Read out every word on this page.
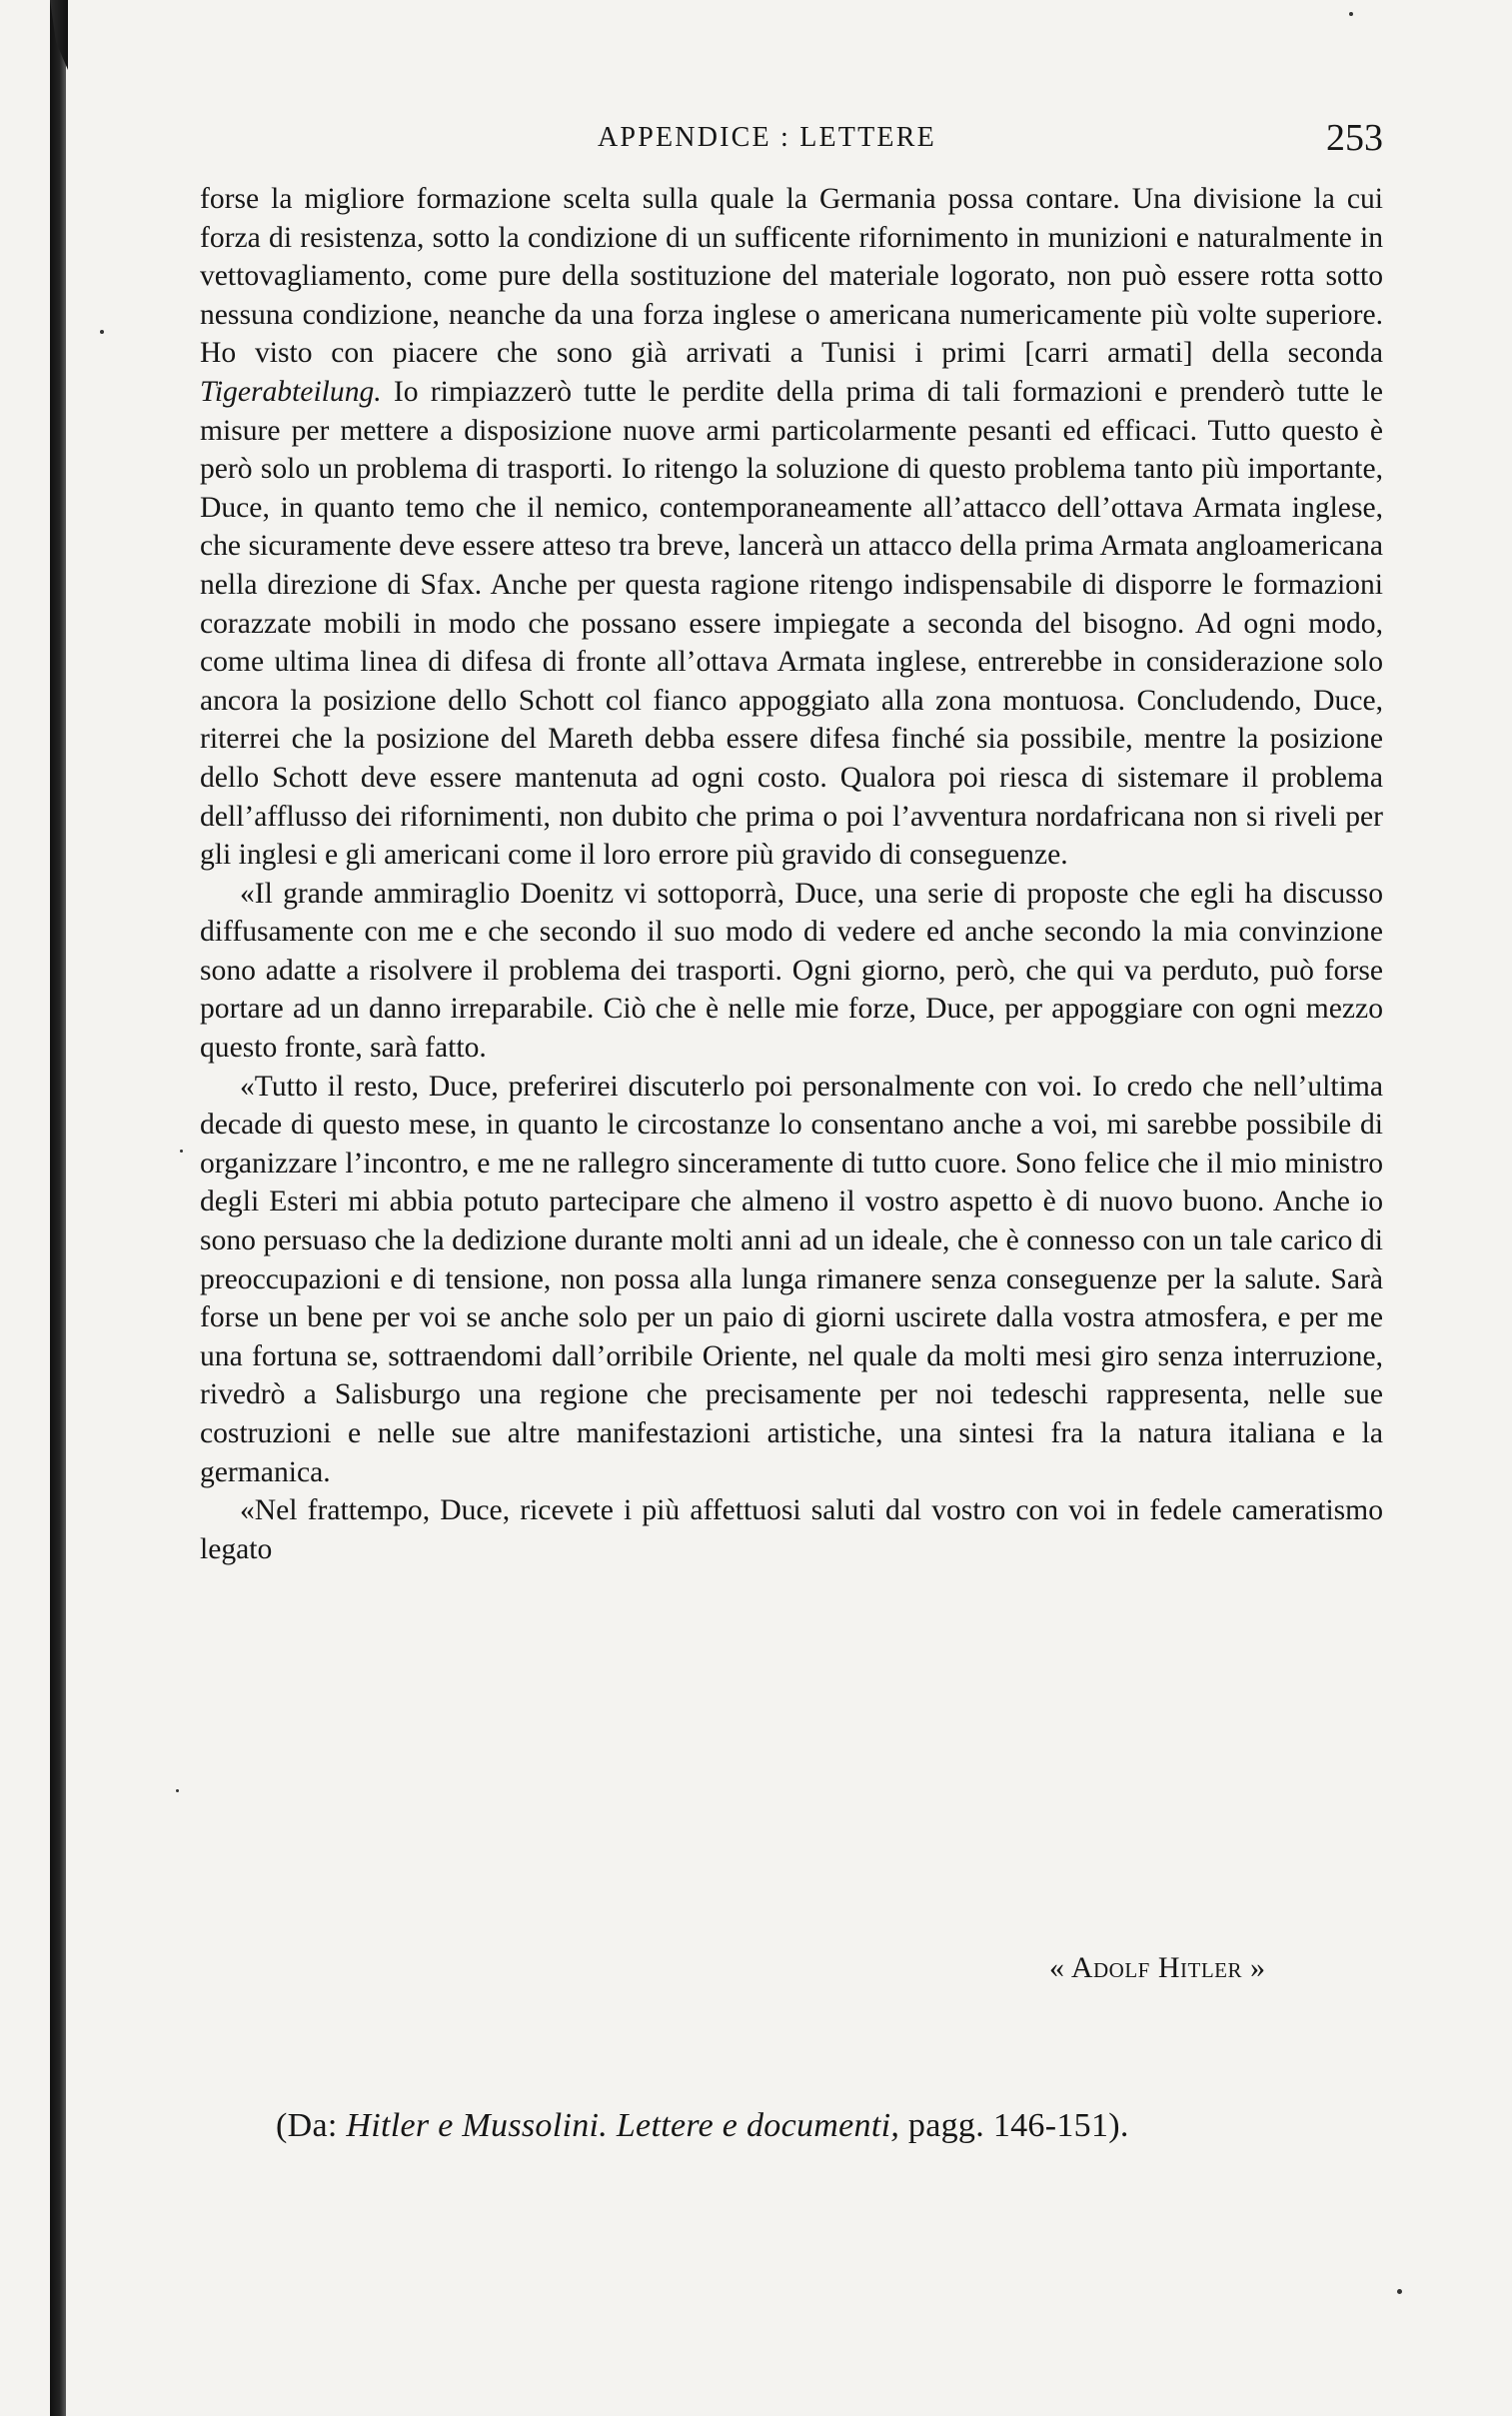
APPENDICE : LETTERE	253

forse la migliore formazione scelta sulla quale la Germania possa contare. Una divisione la cui forza di resistenza, sotto la condizione di un sufficente rifornimento in munizioni e naturalmente in vettovagliamento, come pure della sostituzione del materiale logorato, non può essere rotta sotto nessuna condizione, neanche da una forza inglese o americana numericamente più volte superiore. Ho visto con piacere che sono già arrivati a Tunisi i primi [carri armati] della seconda Tigerabteilung. Io rimpiazzerò tutte le perdite della prima di tali formazioni e prenderò tutte le misure per mettere a disposizione nuove armi particolarmente pesanti ed efficaci. Tutto questo è però solo un problema di trasporti. Io ritengo la soluzione di questo problema tanto più importante, Duce, in quanto temo che il nemico, contemporaneamente all’attacco dell’ottava Armata inglese, che sicuramente deve essere atteso tra breve, lancerà un attacco della prima Armata angloamericana nella direzione di Sfax. Anche per questa ragione ritengo indispensabile di disporre le formazioni corazzate mobili in modo che possano essere impiegate a seconda del bisogno. Ad ogni modo, come ultima linea di difesa di fronte all’ottava Armata inglese, entrerebbe in considerazione solo ancora la posizione dello Schott col fianco appoggiato alla zona montuosa. Concludendo, Duce, riterrei che la posizione del Mareth debba essere difesa finché sia possibile, mentre la posizione dello Schott deve essere mantenuta ad ogni costo. Qualora poi riesca di sistemare il problema dell’afflusso dei rifornimenti, non dubito che prima o poi l’avventura nordafricana non si riveli per gli inglesi e gli americani come il loro errore più gravido di conseguenze.

«Il grande ammiraglio Doenitz vi sottoporrà, Duce, una serie di proposte che egli ha discusso diffusamente con me e che secondo il suo modo di vedere ed anche secondo la mia convinzione sono adatte a risolvere il problema dei trasporti. Ogni giorno, però, che qui va perduto, può forse portare ad un danno irreparabile. Ciò che è nelle mie forze, Duce, per appoggiare con ogni mezzo questo fronte, sarà fatto.

«Tutto il resto, Duce, preferirei discuterlo poi personalmente con voi. Io credo che nell’ultima decade di questo mese, in quanto le circostanze lo consentano anche a voi, mi sarebbe possibile di organizzare l’incontro, e me ne rallegro sinceramente di tutto cuore. Sono felice che il mio ministro degli Esteri mi abbia potuto partecipare che almeno il vostro aspetto è di nuovo buono. Anche io sono persuaso che la dedizione durante molti anni ad un ideale, che è connesso con un tale carico di preoccupazioni e di tensione, non possa alla lunga rimanere senza conseguenze per la salute. Sarà forse un bene per voi se anche solo per un paio di giorni uscirete dalla vostra atmosfera, e per me una fortuna se, sottraendomi dall’orribile Oriente, nel quale da molti mesi giro senza interruzione, rivedrò a Salisburgo una regione che precisamente per noi tedeschi rappresenta, nelle sue costruzioni e nelle sue altre manifestazioni artistiche, una sintesi fra la natura italiana e la germanica.

«Nel frattempo, Duce, ricevete i più affettuosi saluti dal vostro con voi in fedele cameratismo legato

« Adolf Hitler »
(Da: Hitler e Mussolini. Lettere e documenti, pagg. 146-151).
